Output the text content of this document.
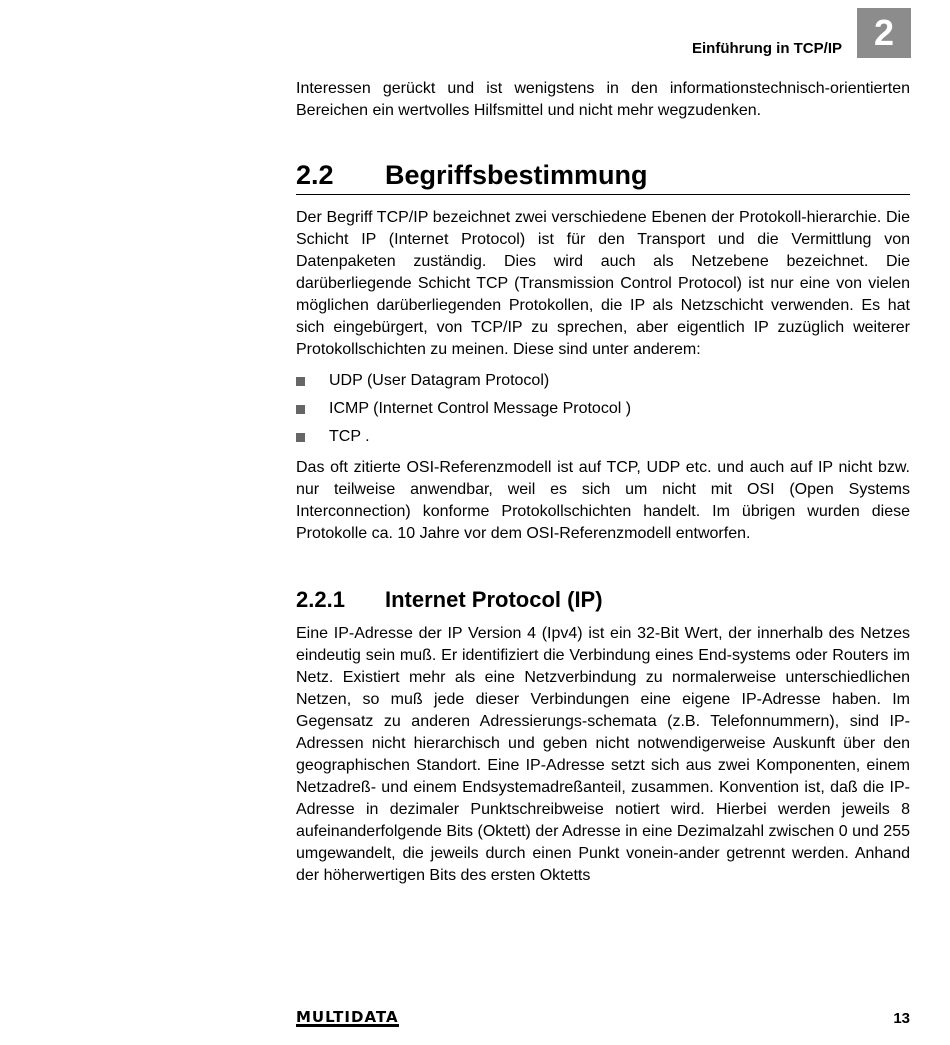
Einführung in TCP/IP 2

Interessen gerückt und ist wenigstens in den informationstechnisch-orientierten Bereichen ein wertvolles Hilfsmittel und nicht mehr wegzudenken.

2.2	Begriffsbestimmung

Der Begriff TCP/IP bezeichnet zwei verschiedene Ebenen der Protokoll-hierarchie. Die Schicht IP (Internet Protocol) ist für den Transport und die Vermittlung von Datenpaketen zuständig. Dies wird auch als Netzebene bezeichnet. Die darüberliegende Schicht TCP (Transmission Control Protocol) ist nur eine von vielen möglichen darüberliegenden Protokollen, die IP als Netzschicht verwenden. Es hat sich eingebürgert, von TCP/IP zu sprechen, aber eigentlich IP zuzüglich weiterer Protokollschichten zu meinen. Diese sind unter anderem:

UDP (User Datagram Protocol)
ICMP (Internet Control Message Protocol )
TCP .

Das oft zitierte OSI-Referenzmodell ist auf TCP, UDP etc. und auch auf IP nicht bzw. nur teilweise anwendbar, weil es sich um nicht mit OSI (Open Systems Interconnection) konforme Protokollschichten handelt. Im übrigen wurden diese Protokolle ca. 10 Jahre vor dem OSI-Referenzmodell entworfen.

2.2.1	Internet Protocol (IP)

Eine IP-Adresse der IP Version 4 (Ipv4) ist ein 32-Bit Wert, der innerhalb des Netzes eindeutig sein muß. Er identifiziert die Verbindung eines End-systems oder Routers im Netz. Existiert mehr als eine Netzverbindung zu normalerweise unterschiedlichen Netzen, so muß jede dieser Verbindungen eine eigene IP-Adresse haben. Im Gegensatz zu anderen Adressierungs-schemata (z.B. Telefonnummern), sind IP-Adressen nicht hierarchisch und geben nicht notwendigerweise Auskunft über den geographischen Standort. Eine IP-Adresse setzt sich aus zwei Komponenten, einem Netzadreß- und einem Endsystemadreßanteil, zusammen. Konvention ist, daß die IP-Adresse in dezimaler Punktschreibweise notiert wird. Hierbei werden jeweils 8 aufeinanderfolgende Bits (Oktett) der Adresse in eine Dezimalzahl zwischen 0 und 255 umgewandelt, die jeweils durch einen Punkt vonein-ander getrennt werden. Anhand der höherwertigen Bits des ersten Oktetts

MULTIDATA	13
